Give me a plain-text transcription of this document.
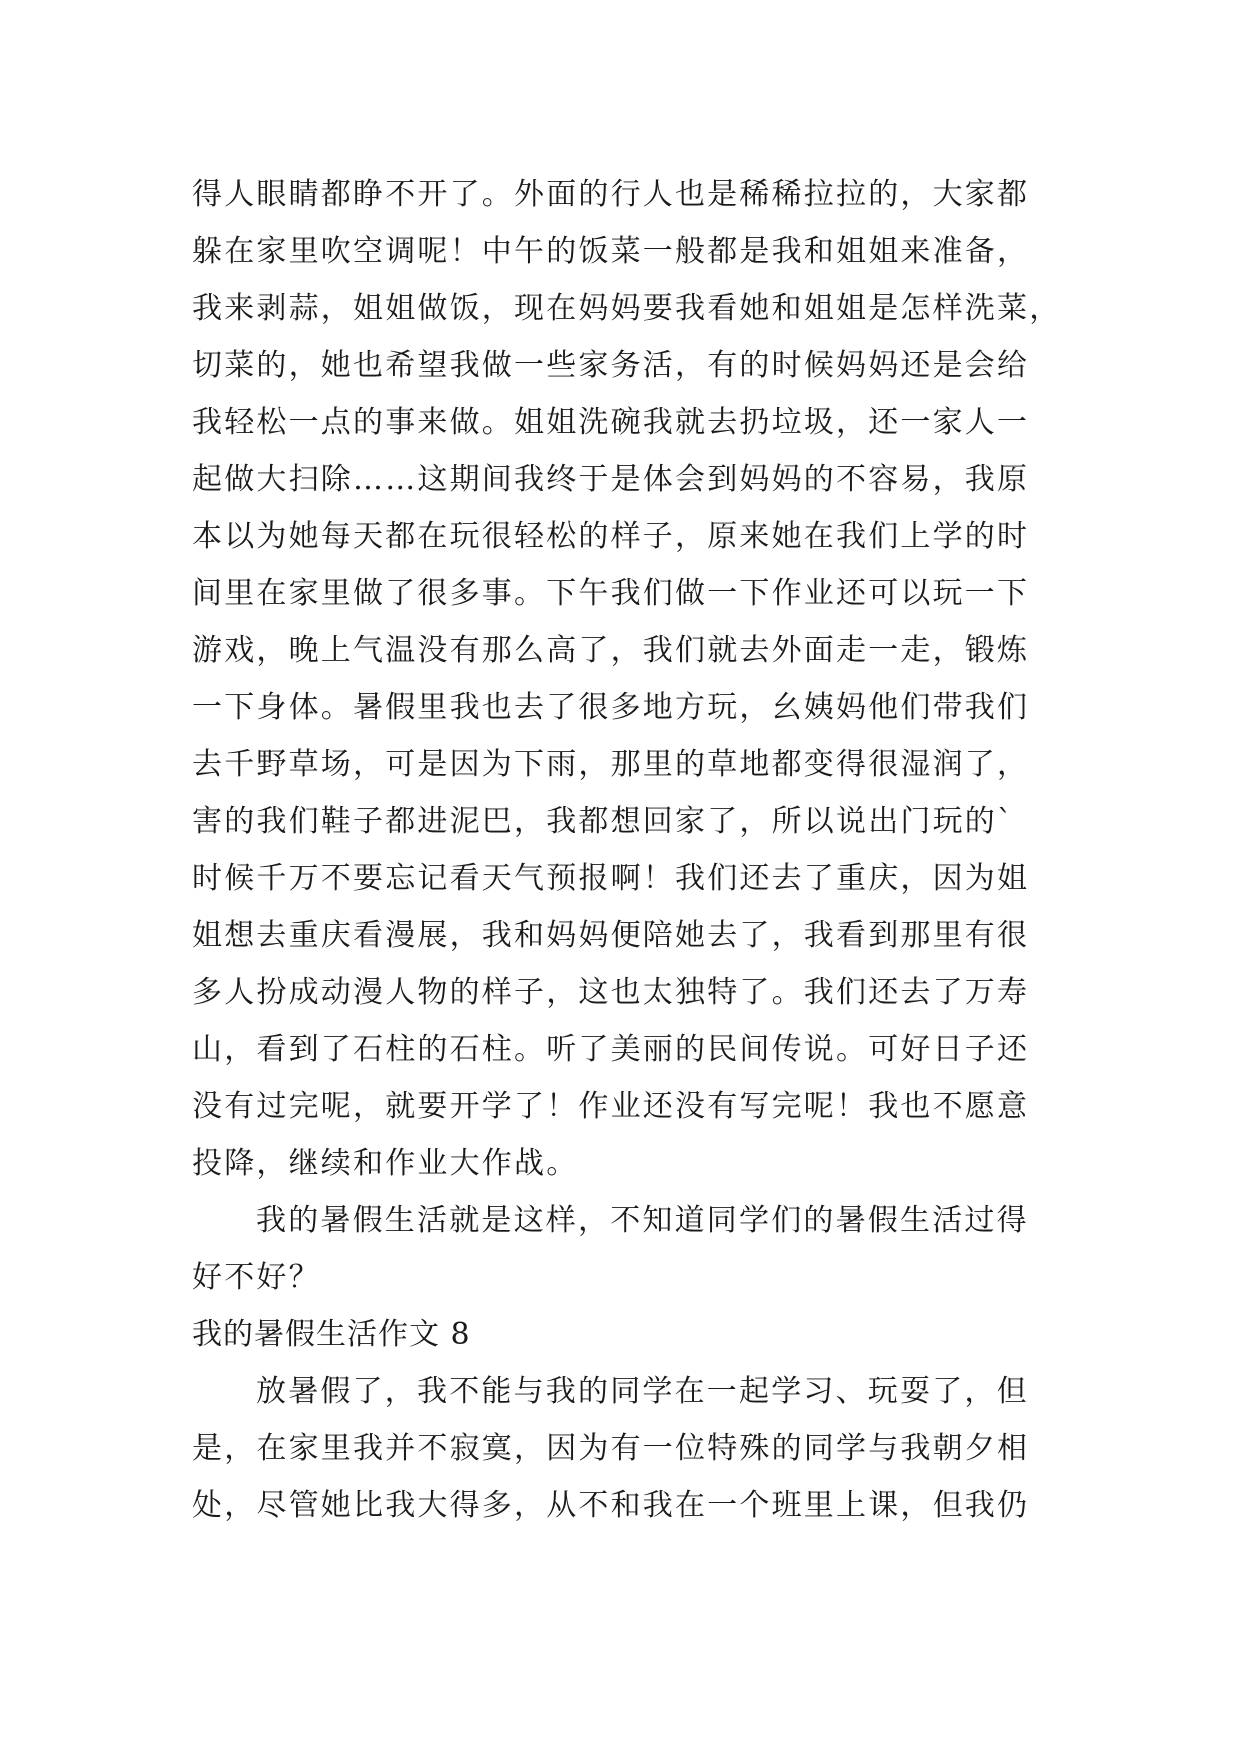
得人眼睛都睁不开了。外面的行人也是稀稀拉拉的，大家都
躲在家里吹空调呢！中午的饭菜一般都是我和姐姐来准备，
我来剥蒜，姐姐做饭，现在妈妈要我看她和姐姐是怎样洗菜，
切菜的，她也希望我做一些家务活，有的时候妈妈还是会给
我轻松一点的事来做。姐姐洗碗我就去扔垃圾，还一家人一
起做大扫除……这期间我终于是体会到妈妈的不容易，我原
本以为她每天都在玩很轻松的样子，原来她在我们上学的时
间里在家里做了很多事。下午我们做一下作业还可以玩一下
游戏，晚上气温没有那么高了，我们就去外面走一走，锻炼
一下身体。暑假里我也去了很多地方玩，幺姨妈他们带我们
去千野草场，可是因为下雨，那里的草地都变得很湿润了，
害的我们鞋子都进泥巴，我都想回家了，所以说出门玩的`
时候千万不要忘记看天气预报啊！我们还去了重庆，因为姐
姐想去重庆看漫展，我和妈妈便陪她去了，我看到那里有很
多人扮成动漫人物的样子，这也太独特了。我们还去了万寿
山，看到了石柱的石柱。听了美丽的民间传说。可好日子还
没有过完呢，就要开学了！作业还没有写完呢！我也不愿意
投降，继续和作业大作战。
我的暑假生活就是这样，不知道同学们的暑假生活过得
好不好？
我的暑假生活作文 8
放暑假了，我不能与我的同学在一起学习、玩耍了，但
是，在家里我并不寂寞，因为有一位特殊的同学与我朝夕相
处，尽管她比我大得多，从不和我在一个班里上课，但我仍
